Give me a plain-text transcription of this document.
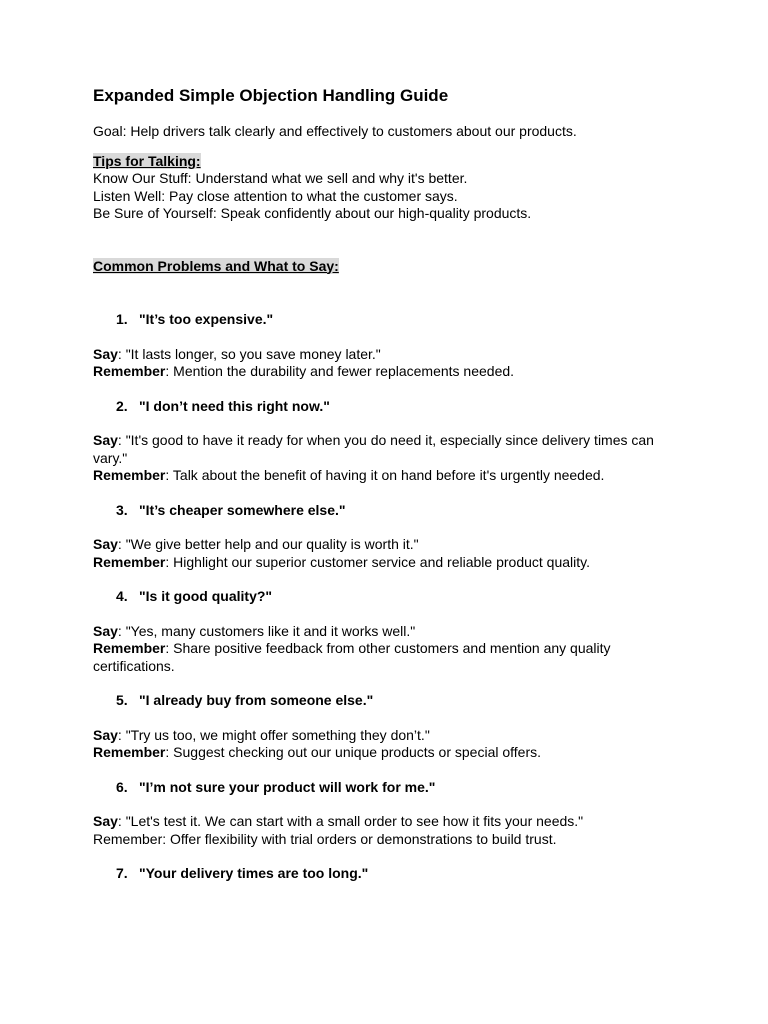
Expanded Simple Objection Handling Guide

Goal: Help drivers talk clearly and effectively to customers about our products.

Tips for Talking:
Know Our Stuff: Understand what we sell and why it's better.
Listen Well: Pay close attention to what the customer says.
Be Sure of Yourself: Speak confidently about our high-quality products.
Common Problems and What to Say:
1. "It’s too expensive."
Say: "It lasts longer, so you save money later."
Remember: Mention the durability and fewer replacements needed.
2. "I don’t need this right now."
Say: "It's good to have it ready for when you do need it, especially since delivery times can vary."
Remember: Talk about the benefit of having it on hand before it's urgently needed.
3. "It’s cheaper somewhere else."
Say: "We give better help and our quality is worth it."
Remember: Highlight our superior customer service and reliable product quality.
4. "Is it good quality?"
Say: "Yes, many customers like it and it works well."
Remember: Share positive feedback from other customers and mention any quality certifications.
5. "I already buy from someone else."
Say: "Try us too, we might offer something they don’t."
Remember: Suggest checking out our unique products or special offers.
6. "I’m not sure your product will work for me."
Say: "Let's test it. We can start with a small order to see how it fits your needs."
Remember: Offer flexibility with trial orders or demonstrations to build trust.
7. "Your delivery times are too long."
